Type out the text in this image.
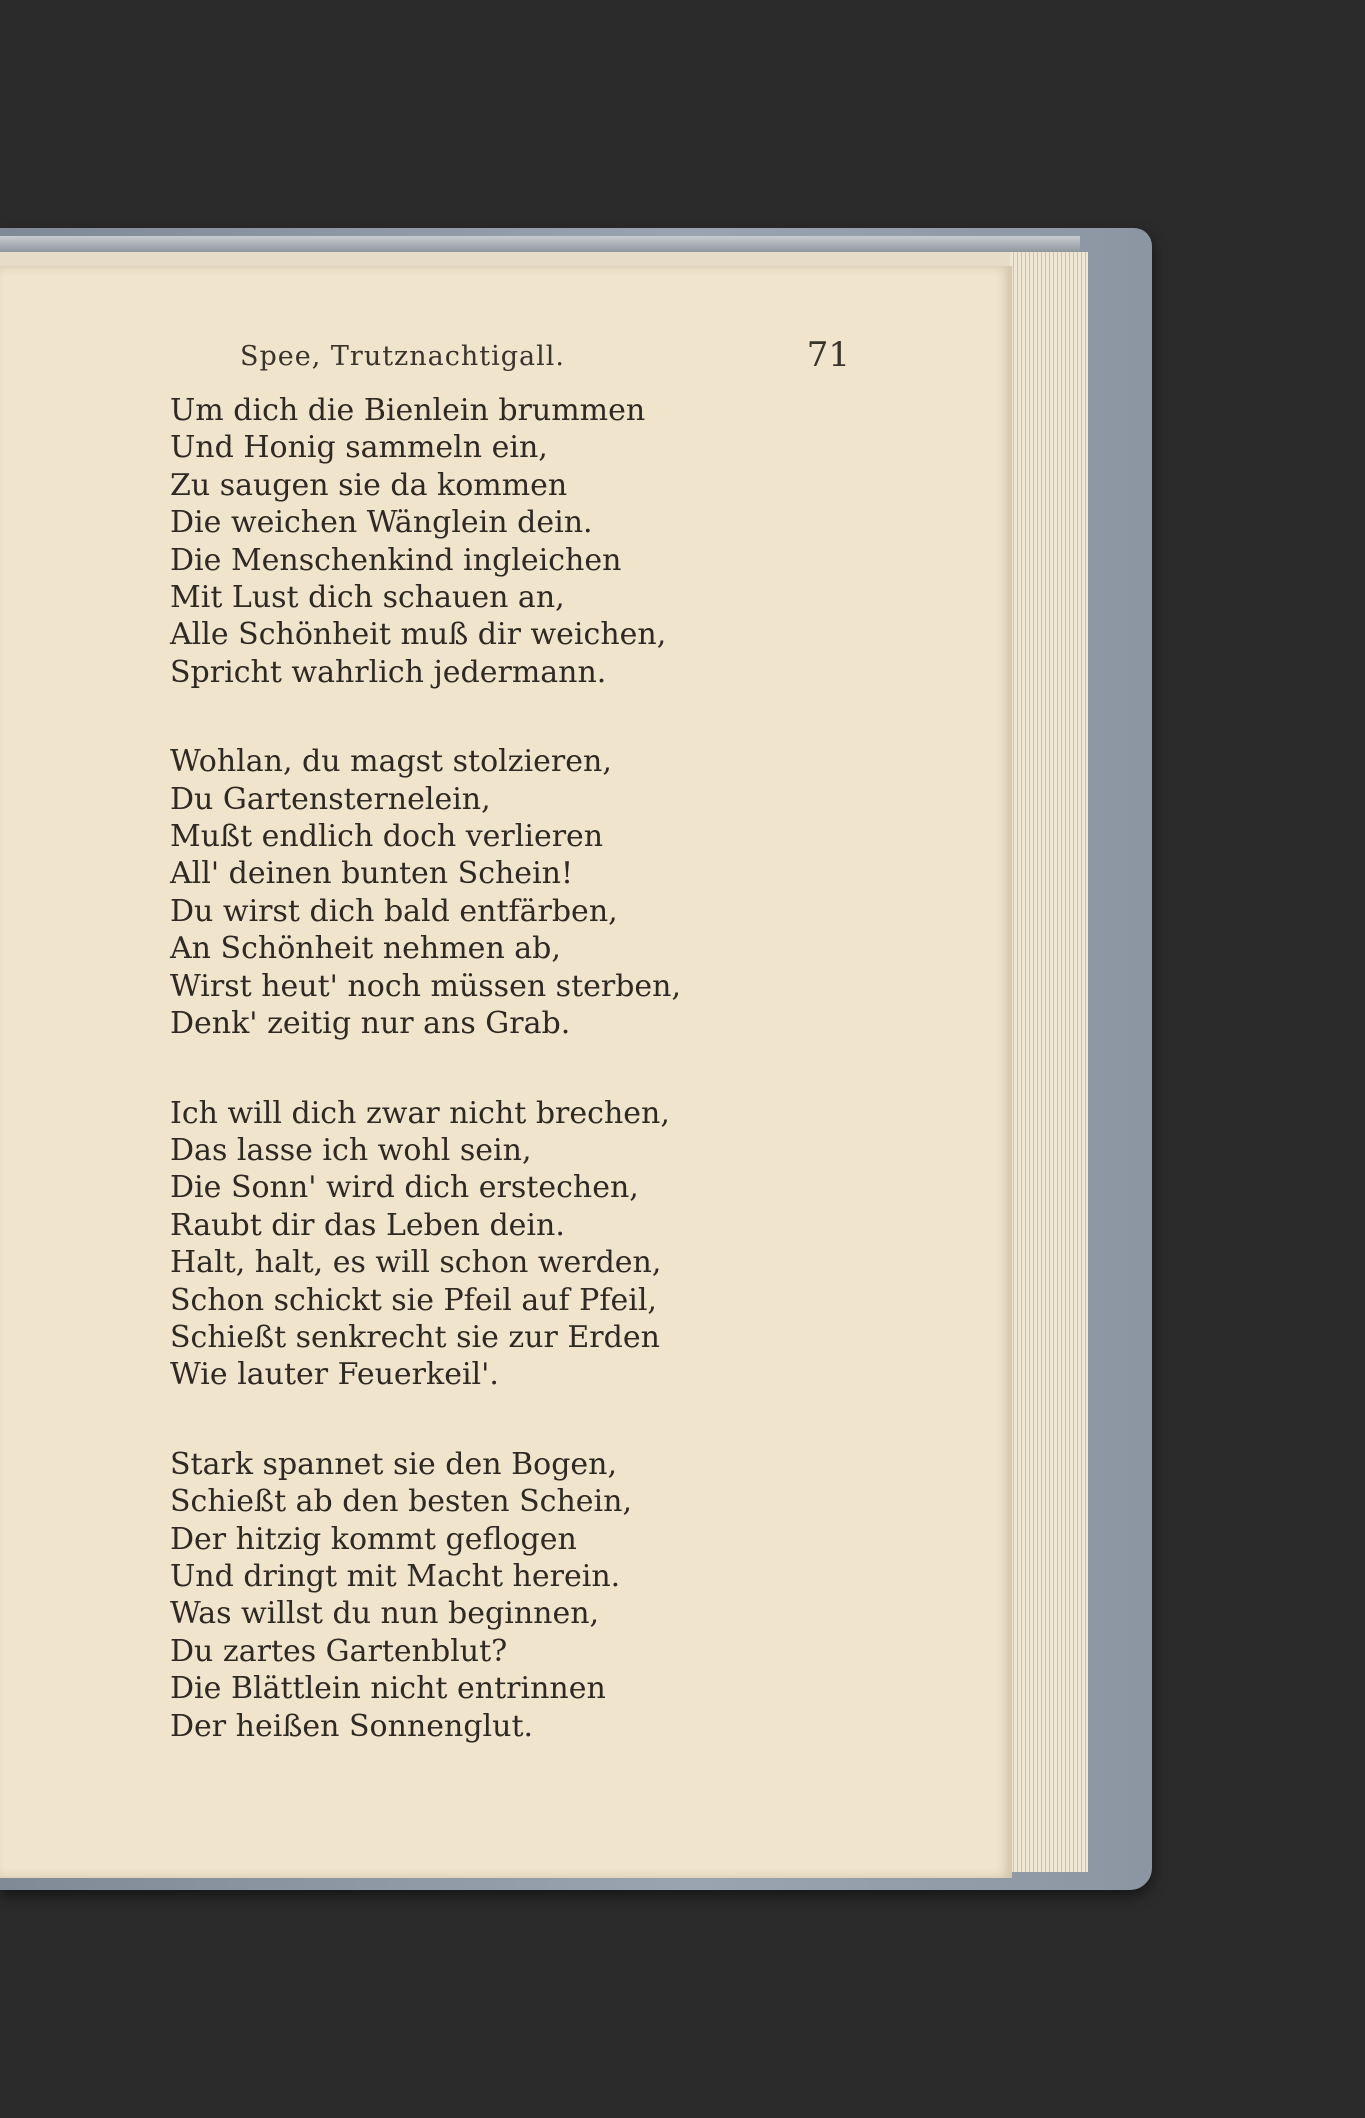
Spee, Trutznachtigall.	71
Um dich die Bienlein brummen
Und Honig sammeln ein,
Zu saugen sie da kommen
Die weichen Wänglein dein.
Die Menschenkind ingleichen
Mit Lust dich schauen an,
Alle Schönheit muß dir weichen,
Spricht wahrlich jedermann.
Wohlan, du magst stolzieren,
Du Gartensternelein,
Mußt endlich doch verlieren
All' deinen bunten Schein!
Du wirst dich bald entfärben,
An Schönheit nehmen ab,
Wirst heut' noch müssen sterben,
Denk' zeitig nur ans Grab.
Ich will dich zwar nicht brechen,
Das lasse ich wohl sein,
Die Sonn' wird dich erstechen,
Raubt dir das Leben dein.
Halt, halt, es will schon werden,
Schon schickt sie Pfeil auf Pfeil,
Schießt senkrecht sie zur Erden
Wie lauter Feuerkeil'.
Stark spannet sie den Bogen,
Schießt ab den besten Schein,
Der hitzig kommt geflogen
Und dringt mit Macht herein.
Was willst du nun beginnen,
Du zartes Gartenblut?
Die Blättlein nicht entrinnen
Der heißen Sonnenglut.
